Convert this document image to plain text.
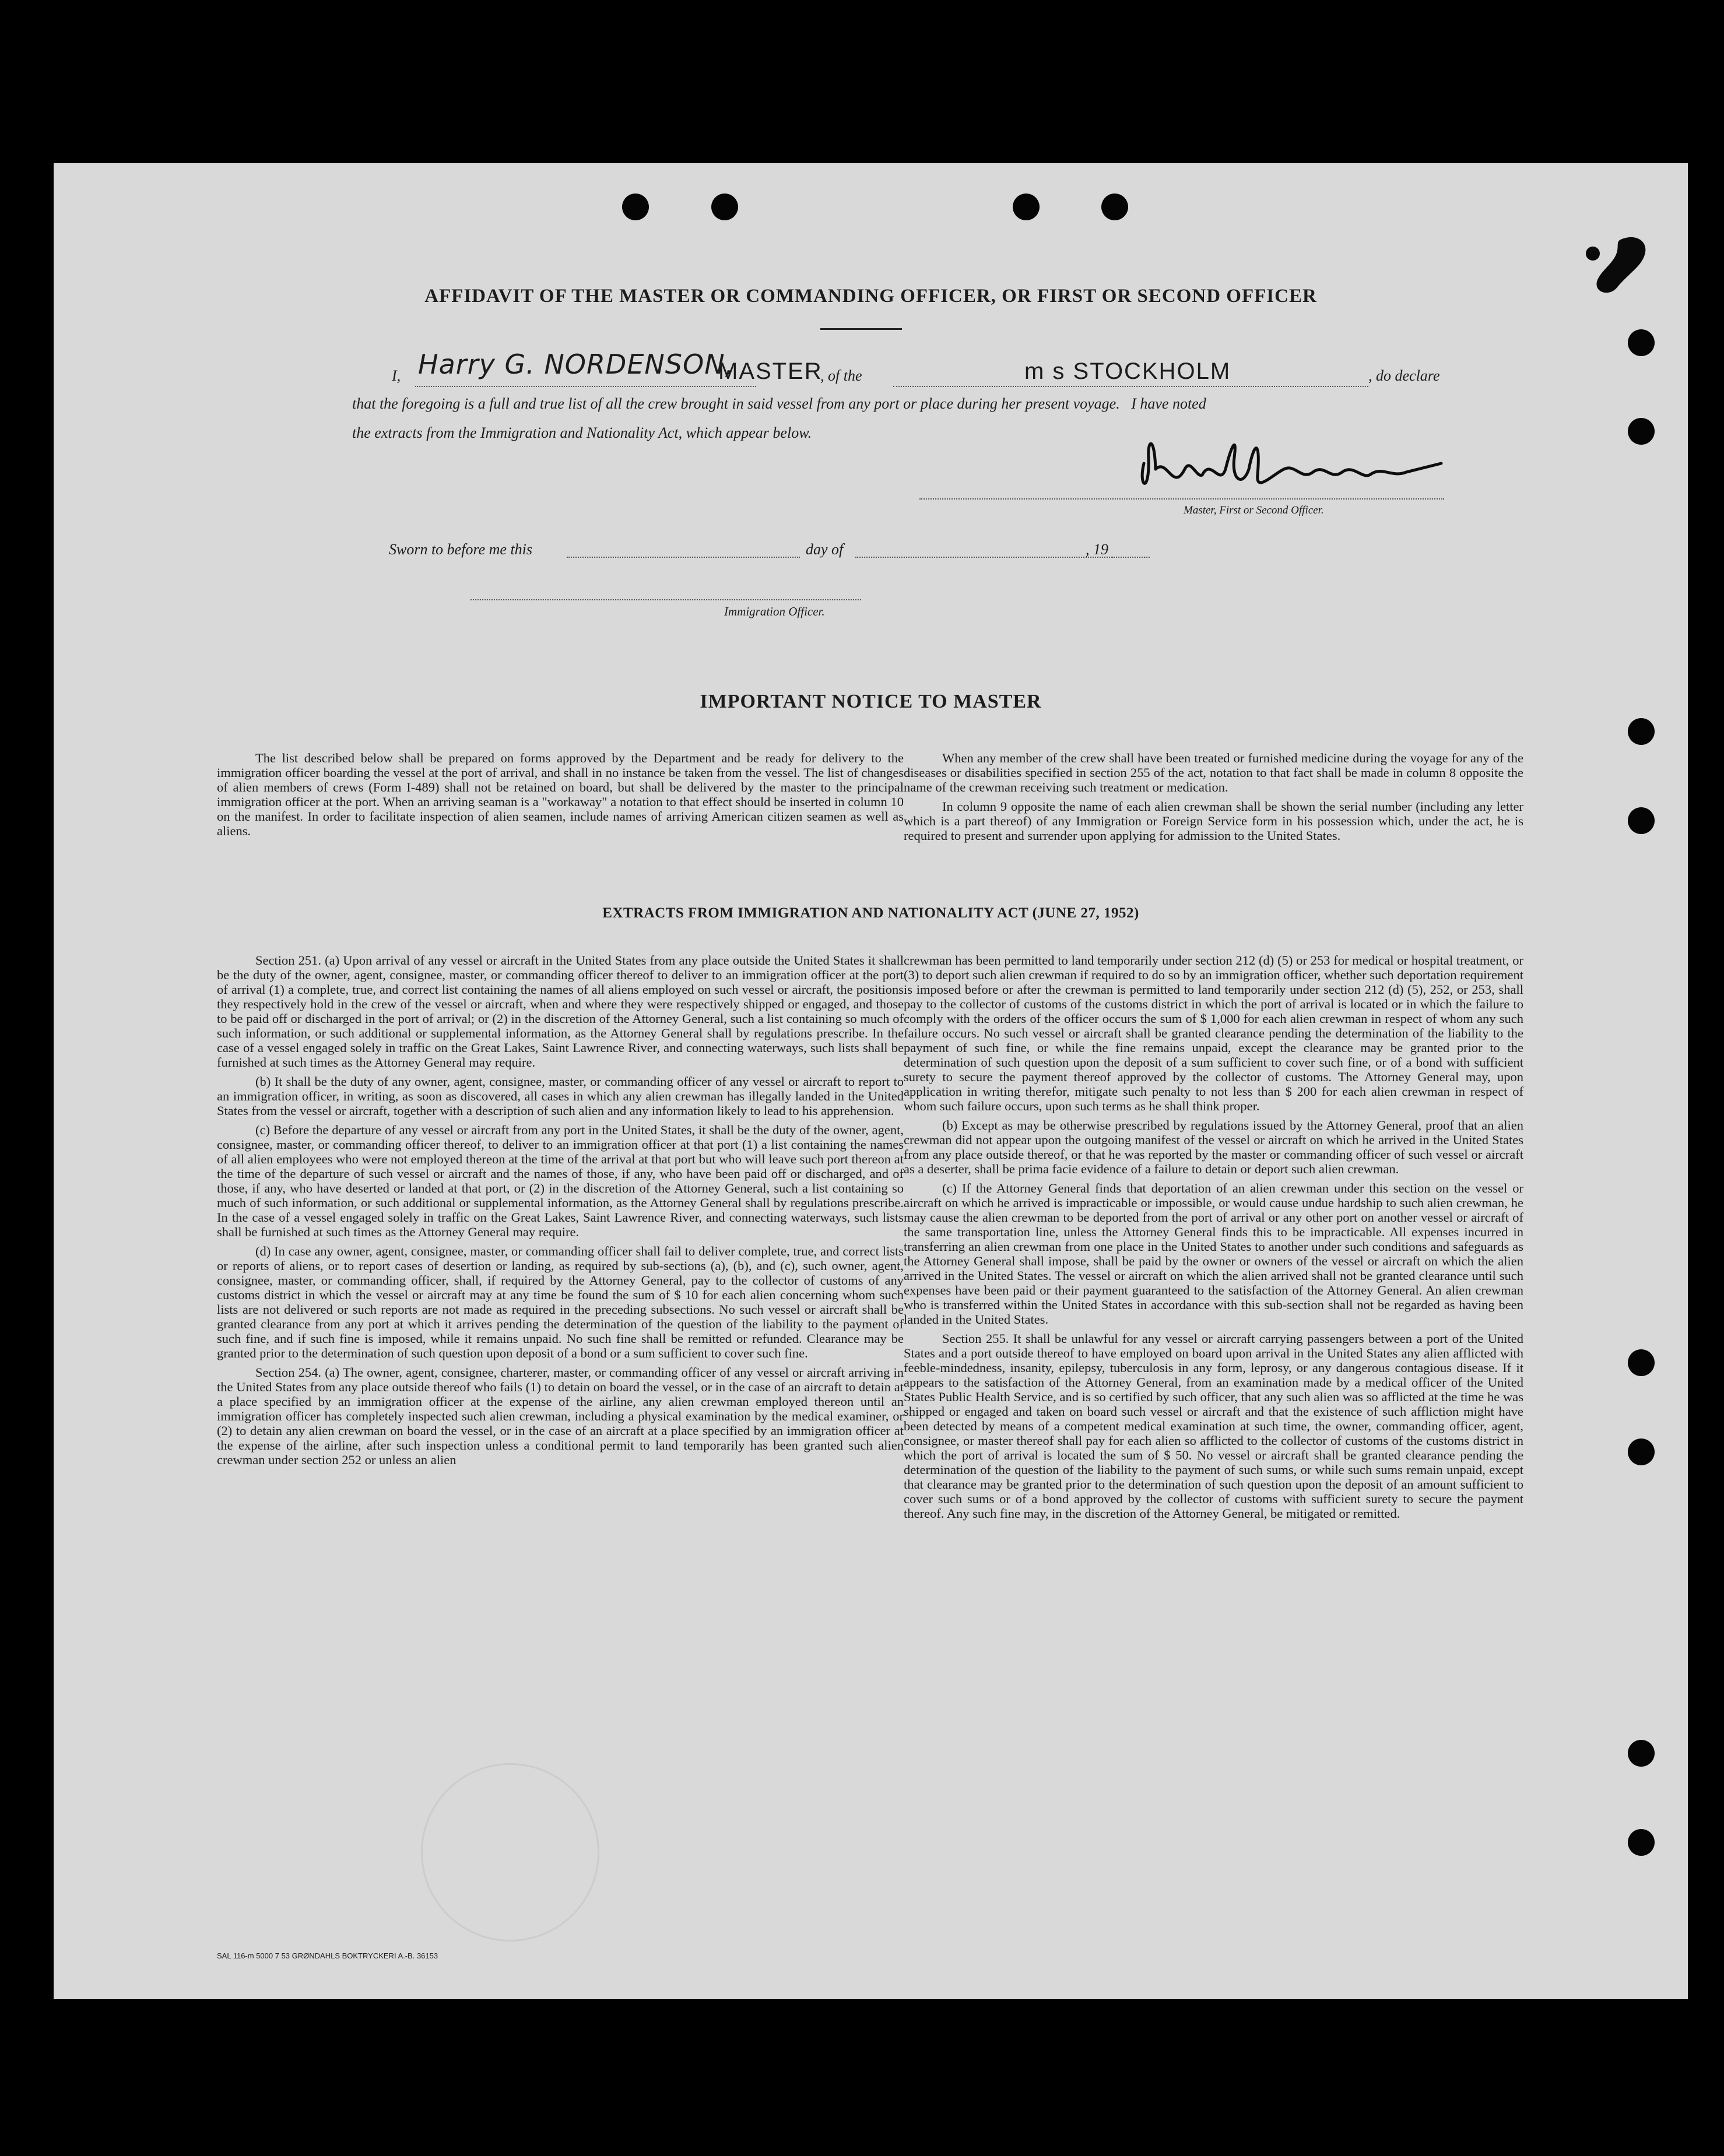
AFFIDAVIT OF THE MASTER OR COMMANDING OFFICER, OR FIRST OR SECOND OFFICER
I, Harry G. NORDENSON,
MASTER
, of the	m s STOCKHOLM	, do declare
that the foregoing is a full and true list of all the crew brought in said vessel from any port or place during her present voyage.   I have noted
the extracts from the Immigration and Nationality Act, which appear below.
Master, First or Second Officer.
Sworn to before me this	day of	, 19
Immigration Officer.
IMPORTANT NOTICE TO MASTER

The list described below shall be prepared on forms approved by the Department and be ready for delivery to the immigration officer boarding the vessel at the port of arrival, and shall in no instance be taken from the vessel. The list of changes of alien members of crews (Form I-489) shall not be retained on board, but shall be delivered by the master to the principal immigration officer at the port. When an arriving seaman is a "workaway" a notation to that effect should be inserted in column 10 on the manifest. In order to facilitate inspection of alien seamen, include names of arriving American citizen seamen as well as aliens.

When any member of the crew shall have been treated or furnished medicine during the voyage for any of the diseases or disabilities specified in section 255 of the act, notation to that fact shall be made in column 8 opposite the name of the crewman receiving such treatment or medication.

In column 9 opposite the name of each alien crewman shall be shown the serial number (including any letter which is a part thereof) of any Immigration or Foreign Service form in his possession which, under the act, he is required to present and surrender upon applying for admission to the United States.

EXTRACTS FROM IMMIGRATION AND NATIONALITY ACT (JUNE 27, 1952)

Section 251. (a) Upon arrival of any vessel or aircraft in the United States from any place outside the United States it shall be the duty of the owner, agent, consignee, master, or commanding officer thereof to deliver to an immigration officer at the port of arrival (1) a complete, true, and correct list containing the names of all aliens employed on such vessel or aircraft, the positions they respectively hold in the crew of the vessel or aircraft, when and where they were respectively shipped or engaged, and those to be paid off or discharged in the port of arrival; or (2) in the discretion of the Attorney General, such a list containing so much of such information, or such additional or supplemental information, as the Attorney General shall by regulations prescribe. In the case of a vessel engaged solely in traffic on the Great Lakes, Saint Lawrence River, and connecting waterways, such lists shall be furnished at such times as the Attorney General may require.

(b) It shall be the duty of any owner, agent, consignee, master, or commanding officer of any vessel or aircraft to report to an immigration officer, in writing, as soon as discovered, all cases in which any alien crewman has illegally landed in the United States from the vessel or aircraft, together with a description of such alien and any information likely to lead to his apprehension.

(c) Before the departure of any vessel or aircraft from any port in the United States, it shall be the duty of the owner, agent, consignee, master, or commanding officer thereof, to deliver to an immigration officer at that port (1) a list containing the names of all alien employees who were not employed thereon at the time of the arrival at that port but who will leave such port thereon at the time of the departure of such vessel or aircraft and the names of those, if any, who have been paid off or discharged, and of those, if any, who have deserted or landed at that port, or (2) in the discretion of the Attorney General, such a list containing so much of such information, or such additional or supplemental information, as the Attorney General shall by regulations prescribe. In the case of a vessel engaged solely in traffic on the Great Lakes, Saint Lawrence River, and connecting waterways, such lists shall be furnished at such times as the Attorney General may require.

(d) In case any owner, agent, consignee, master, or commanding officer shall fail to deliver complete, true, and correct lists or reports of aliens, or to report cases of desertion or landing, as required by sub-sections (a), (b), and (c), such owner, agent, consignee, master, or commanding officer, shall, if required by the Attorney General, pay to the collector of customs of any customs district in which the vessel or aircraft may at any time be found the sum of $ 10 for each alien concerning whom such lists are not delivered or such reports are not made as required in the preceding subsections. No such vessel or aircraft shall be granted clearance from any port at which it arrives pending the determination of the question of the liability to the payment of such fine, and if such fine is imposed, while it remains unpaid. No such fine shall be remitted or refunded. Clearance may be granted prior to the determination of such question upon deposit of a bond or a sum sufficient to cover such fine.

Section 254. (a) The owner, agent, consignee, charterer, master, or commanding officer of any vessel or aircraft arriving in the United States from any place outside thereof who fails (1) to detain on board the vessel, or in the case of an aircraft to detain at a place specified by an immigration officer at the expense of the airline, any alien crewman employed thereon until an immigration officer has completely inspected such alien crewman, including a physical examination by the medical examiner, or (2) to detain any alien crewman on board the vessel, or in the case of an aircraft at a place specified by an immigration officer at the expense of the airline, after such inspection unless a conditional permit to land temporarily has been granted such alien crewman under section 252 or unless an alien

crewman has been permitted to land temporarily under section 212 (d) (5) or 253 for medical or hospital treatment, or (3) to deport such alien crewman if required to do so by an immigration officer, whether such deportation requirement is imposed before or after the crewman is permitted to land temporarily under section 212 (d) (5), 252, or 253, shall pay to the collector of customs of the customs district in which the port of arrival is located or in which the failure to comply with the orders of the officer occurs the sum of $ 1,000 for each alien crewman in respect of whom any such failure occurs. No such vessel or aircraft shall be granted clearance pending the determination of the liability to the payment of such fine, or while the fine remains unpaid, except the clearance may be granted prior to the determination of such question upon the deposit of a sum sufficient to cover such fine, or of a bond with sufficient surety to secure the payment thereof approved by the collector of customs. The Attorney General may, upon application in writing therefor, mitigate such penalty to not less than $ 200 for each alien crewman in respect of whom such failure occurs, upon such terms as he shall think proper.

(b) Except as may be otherwise prescribed by regulations issued by the Attorney General, proof that an alien crewman did not appear upon the outgoing manifest of the vessel or aircraft on which he arrived in the United States from any place outside thereof, or that he was reported by the master or commanding officer of such vessel or aircraft as a deserter, shall be prima facie evidence of a failure to detain or deport such alien crewman.

(c) If the Attorney General finds that deportation of an alien crewman under this section on the vessel or aircraft on which he arrived is impracticable or impossible, or would cause undue hardship to such alien crewman, he may cause the alien crewman to be deported from the port of arrival or any other port on another vessel or aircraft of the same transportation line, unless the Attorney General finds this to be impracticable. All expenses incurred in transferring an alien crewman from one place in the United States to another under such conditions and safeguards as the Attorney General shall impose, shall be paid by the owner or owners of the vessel or aircraft on which the alien arrived in the United States. The vessel or aircraft on which the alien arrived shall not be granted clearance until such expenses have been paid or their payment guaranteed to the satisfaction of the Attorney General. An alien crewman who is transferred within the United States in accordance with this sub-section shall not be regarded as having been landed in the United States.

Section 255. It shall be unlawful for any vessel or aircraft carrying passengers between a port of the United States and a port outside thereof to have employed on board upon arrival in the United States any alien afflicted with feeble-mindedness, insanity, epilepsy, tuberculosis in any form, leprosy, or any dangerous contagious disease. If it appears to the satisfaction of the Attorney General, from an examination made by a medical officer of the United States Public Health Service, and is so certified by such officer, that any such alien was so afflicted at the time he was shipped or engaged and taken on board such vessel or aircraft and that the existence of such affliction might have been detected by means of a competent medical examination at such time, the owner, commanding officer, agent, consignee, or master thereof shall pay for each alien so afflicted to the collector of customs of the customs district in which the port of arrival is located the sum of $ 50. No vessel or aircraft shall be granted clearance pending the determination of the question of the liability to the payment of such sums, or while such sums remain unpaid, except that clearance may be granted prior to the determination of such question upon the deposit of an amount sufficient to cover such sums or of a bond approved by the collector of customs with sufficient surety to secure the payment thereof. Any such fine may, in the discretion of the Attorney General, be mitigated or remitted.

SAL 116-m 5000 7 53 GRØNDAHLS BOKTRYCKERI A.-B. 36153
